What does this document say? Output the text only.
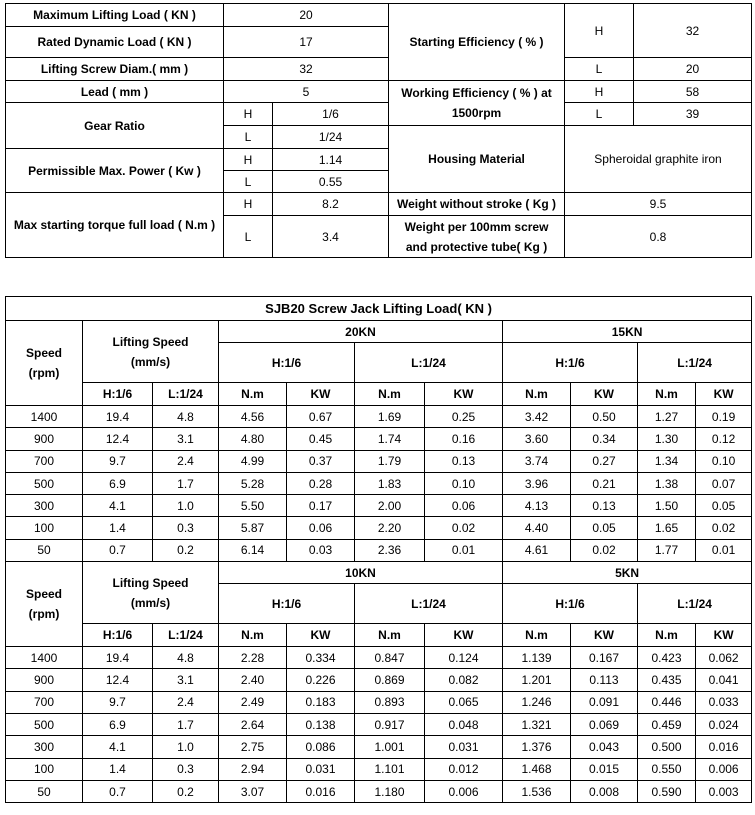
Maximum Lifting Load ( KN )	20		Starting Efficiency ( % )	H	32
Rated Dynamic Load ( KN )	17				
Lifting Screw Diam.( mm )	32			L	20
Lead ( mm )	5		Working Efficiency ( % ) at
1500rpm	H	58
Gear Ratio	H	1/6		L	39
	L	1/24	Housing Material	Spheroidal graphite iron	
Permissible Max. Power ( Kw )	H	1.14			
	L	0.55			
Max starting torque full load ( N.m )	H	8.2	Weight without stroke ( Kg )	9.5	
	L	3.4	Weight per 100mm screw
and protective tube( Kg )	0.8	
SJB20 Screw Jack Lifting Load( KN )										
Speed
(rpm)	Lifting Speed
(mm/s)		20KN				15KN			
			H:1/6		L:1/24		H:1/6		L:1/24	
	H:1/6	L:1/24	N.m	KW	N.m	KW	N.m	KW	N.m	KW
1400	19.4	4.8	4.56	0.67	1.69	0.25	3.42	0.50	1.27	0.19
900	12.4	3.1	4.80	0.45	1.74	0.16	3.60	0.34	1.30	0.12
700	9.7	2.4	4.99	0.37	1.79	0.13	3.74	0.27	1.34	0.10
500	6.9	1.7	5.28	0.28	1.83	0.10	3.96	0.21	1.38	0.07
300	4.1	1.0	5.50	0.17	2.00	0.06	4.13	0.13	1.50	0.05
100	1.4	0.3	5.87	0.06	2.20	0.02	4.40	0.05	1.65	0.02
50	0.7	0.2	6.14	0.03	2.36	0.01	4.61	0.02	1.77	0.01
Speed
(rpm)	Lifting Speed
(mm/s)		10KN				5KN			
			H:1/6		L:1/24		H:1/6		L:1/24	
	H:1/6	L:1/24	N.m	KW	N.m	KW	N.m	KW	N.m	KW
1400	19.4	4.8	2.28	0.334	0.847	0.124	1.139	0.167	0.423	0.062
900	12.4	3.1	2.40	0.226	0.869	0.082	1.201	0.113	0.435	0.041
700	9.7	2.4	2.49	0.183	0.893	0.065	1.246	0.091	0.446	0.033
500	6.9	1.7	2.64	0.138	0.917	0.048	1.321	0.069	0.459	0.024
300	4.1	1.0	2.75	0.086	1.001	0.031	1.376	0.043	0.500	0.016
100	1.4	0.3	2.94	0.031	1.101	0.012	1.468	0.015	0.550	0.006
50	0.7	0.2	3.07	0.016	1.180	0.006	1.536	0.008	0.590	0.003
